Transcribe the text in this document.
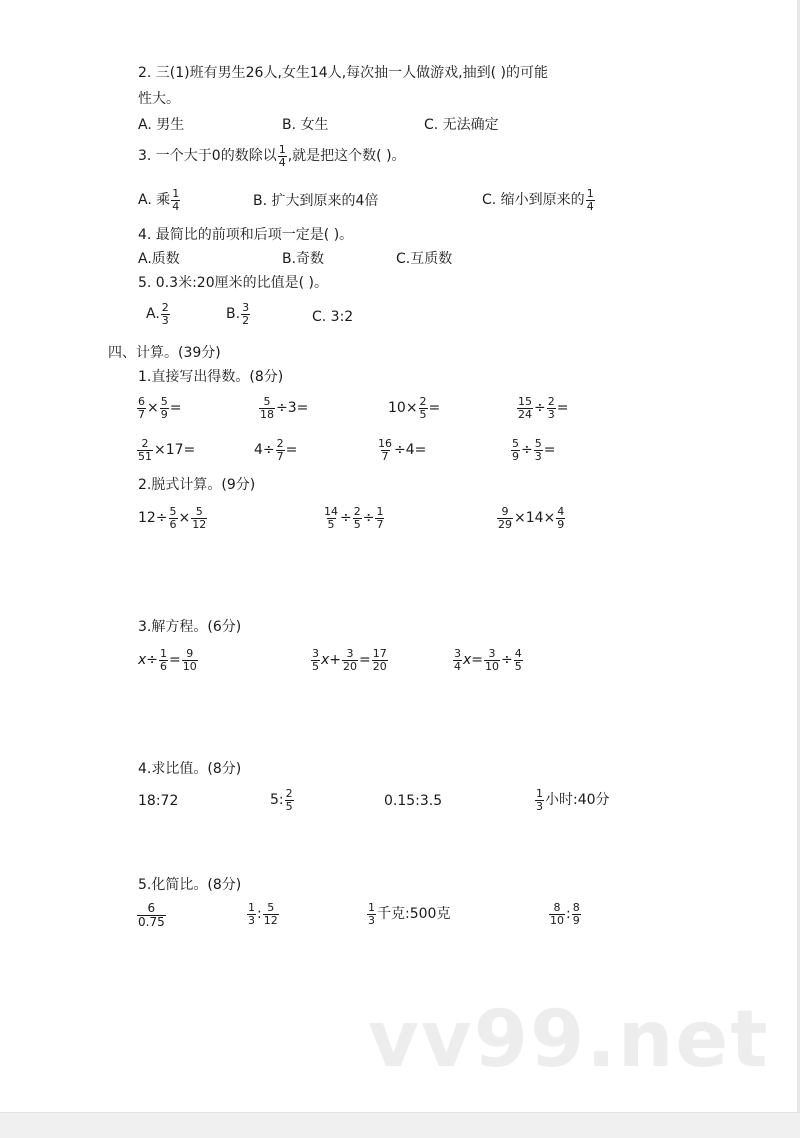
2. 三(1)班有男生26人,女生14人,每次抽一人做游戏,抽到( )的可能
性大。
A. 男生	B. 女生	C. 无法确定
3. 一个大于0的数除以 $\frac{1}{4}$ ,就是把这个数( )。
A. 乘 $\frac{1}{4}$	B. 扩大到原来的4倍	C. 缩小到原来的 $\frac{1}{4}$
4. 最简比的前项和后项一定是( )。
A.质数	B.奇数	C.互质数
5. 0.3米:20厘米的比值是( )。
A. $\frac{2}{3}$	B. $\frac{3}{2}$	C. 3:2
四、计算。(39分)
1.直接写出得数。(8分)
$\frac{6}{7} \times \frac{5}{9}$ =	$\frac{5}{18} \div 3=$	$10\times \frac{2}{5}$ =	$\frac{15}{24} \div \frac{2}{3}$ =
$\frac{2}{51} \times 17=$	$4\div \frac{2}{7}$ =	$\frac{16}{7} \div 4=$	$\frac{5}{9} \div \frac{5}{3}$ =
2.脱式计算。(9分)
$12\div \frac{5}{6} \times \frac{5}{12}$	$\frac{14}{5} \div \frac{2}{5} \div \frac{1}{7}$	$\frac{9}{29} \times 14\times \frac{4}{9}$
3.解方程。(6分)
$x\div \frac{1}{6} = \frac{9}{10}$	$\frac{3}{5} x+ \frac{3}{20} = \frac{17}{20}$	$\frac{3}{4} x= \frac{3}{10} \div \frac{4}{5}$
4.求比值。(8分)
18:72	5: $\frac{2}{5}$	0.15:3.5	$\frac{1}{3}$ 小时:40分
5.化简比。(8分)
$\frac{6}{0.75}$	$\frac{1}{3}$ : $\frac{5}{12}$	$\frac{1}{3}$ 千克:500克	$\frac{8}{10}$ : $\frac{8}{9}$
vv99.net
